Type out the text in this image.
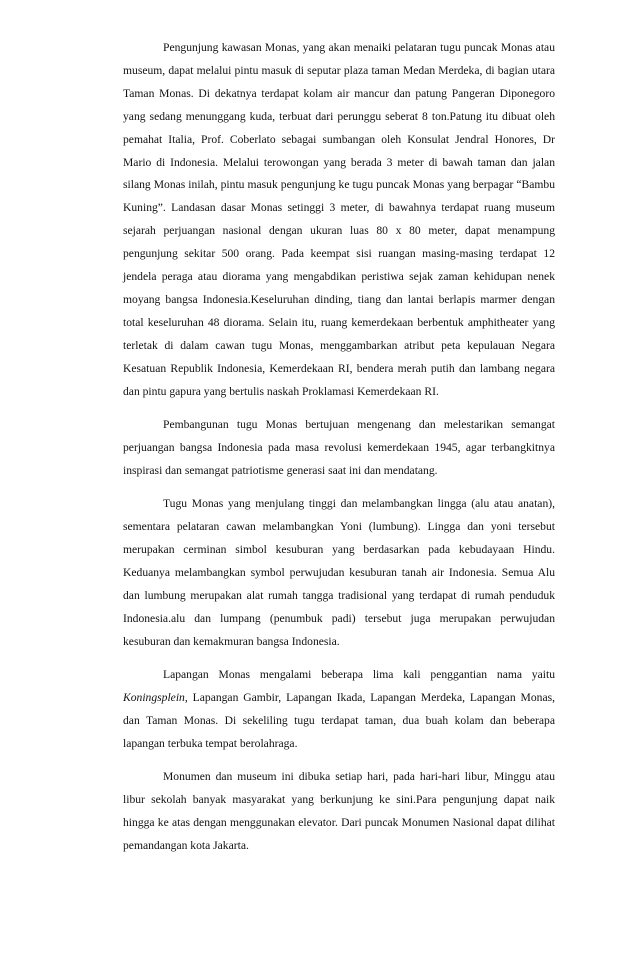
Pengunjung kawasan Monas, yang akan menaiki pelataran tugu puncak Monas atau museum, dapat melalui pintu masuk di seputar plaza taman Medan Merdeka, di bagian utara Taman Monas. Di dekatnya terdapat kolam air mancur dan patung Pangeran Diponegoro yang sedang menunggang kuda, terbuat dari perunggu seberat 8 ton.Patung itu dibuat oleh pemahat Italia, Prof. Coberlato sebagai sumbangan oleh Konsulat Jendral Honores, Dr Mario di Indonesia. Melalui terowongan yang berada 3 meter di bawah taman dan jalan silang Monas inilah, pintu masuk pengunjung ke tugu puncak Monas yang berpagar “Bambu Kuning”. Landasan dasar Monas setinggi 3 meter, di bawahnya terdapat ruang museum sejarah perjuangan nasional dengan ukuran luas 80 x 80 meter, dapat menampung pengunjung sekitar 500 orang. Pada keempat sisi ruangan masing-masing terdapat 12 jendela peraga atau diorama yang mengabdikan peristiwa sejak zaman kehidupan nenek moyang bangsa Indonesia.Keseluruhan dinding, tiang dan lantai berlapis marmer dengan total keseluruhan 48 diorama. Selain itu, ruang kemerdekaan berbentuk amphitheater yang terletak di dalam cawan tugu Monas, menggambarkan atribut peta kepulauan Negara Kesatuan Republik Indonesia, Kemerdekaan RI, bendera merah putih dan lambang negara dan pintu gapura yang bertulis naskah Proklamasi Kemerdekaan RI.

Pembangunan tugu Monas bertujuan mengenang dan melestarikan semangat perjuangan bangsa Indonesia pada masa revolusi kemerdekaan 1945, agar terbangkitnya inspirasi dan semangat patriotisme generasi saat ini dan mendatang.

Tugu Monas yang menjulang tinggi dan melambangkan lingga (alu atau anatan), sementara pelataran cawan melambangkan Yoni (lumbung). Lingga dan yoni tersebut merupakan cerminan simbol kesuburan yang berdasarkan pada kebudayaan Hindu. Keduanya melambangkan symbol perwujudan kesuburan tanah air Indonesia. Semua Alu dan lumbung merupakan alat rumah tangga tradisional yang terdapat di rumah penduduk Indonesia.alu dan lumpang (penumbuk padi) tersebut juga merupakan perwujudan kesuburan dan kemakmuran bangsa Indonesia.

Lapangan Monas mengalami beberapa lima kali penggantian nama yaitu Koningsplein, Lapangan Gambir, Lapangan Ikada, Lapangan Merdeka, Lapangan Monas, dan Taman Monas. Di sekeliling tugu terdapat taman, dua buah kolam dan beberapa lapangan terbuka tempat berolahraga.

Monumen dan museum ini dibuka setiap hari, pada hari-hari libur, Minggu atau libur sekolah banyak masyarakat yang berkunjung ke sini.Para pengunjung dapat naik hingga ke atas dengan menggunakan elevator. Dari puncak Monumen Nasional dapat dilihat pemandangan kota Jakarta.
